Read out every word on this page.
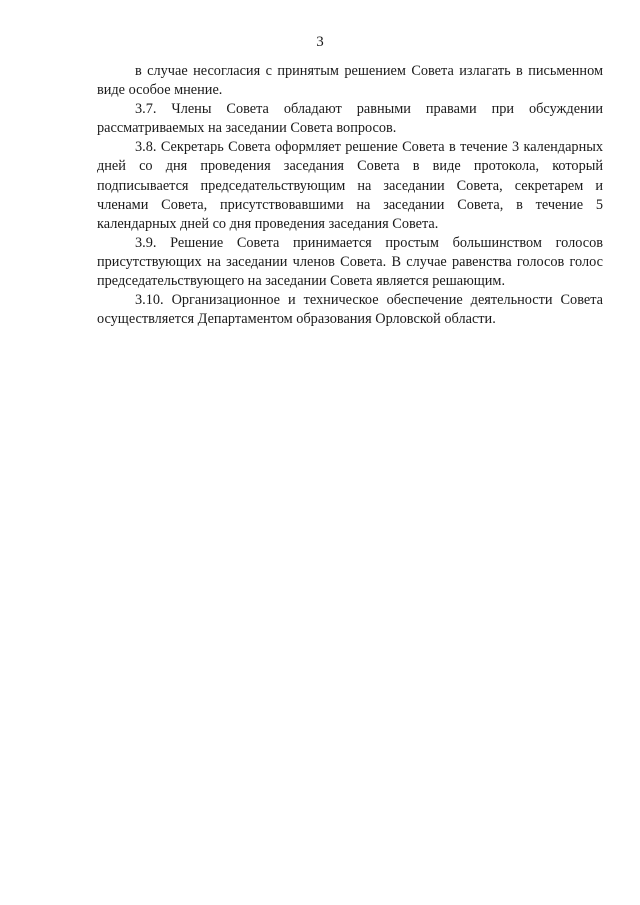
3

в случае несогласия с принятым решением Совета излагать в письменном виде особое мнение.

3.7. Члены Совета обладают равными правами при обсуждении рассматриваемых на заседании Совета вопросов.

3.8. Секретарь Совета оформляет решение Совета в течение 3 календарных дней со дня проведения заседания Совета в виде протокола, который подписывается председательствующим на заседании Совета, секретарем и членами Совета, присутствовавшими на заседании Совета, в течение 5 календарных дней со дня проведения заседания Совета.

3.9. Решение Совета принимается простым большинством голосов присутствующих на заседании членов Совета. В случае равенства голосов голос председательствующего на заседании Совета является решающим.

3.10. Организационное и техническое обеспечение деятельности Совета осуществляется Департаментом образования Орловской области.
